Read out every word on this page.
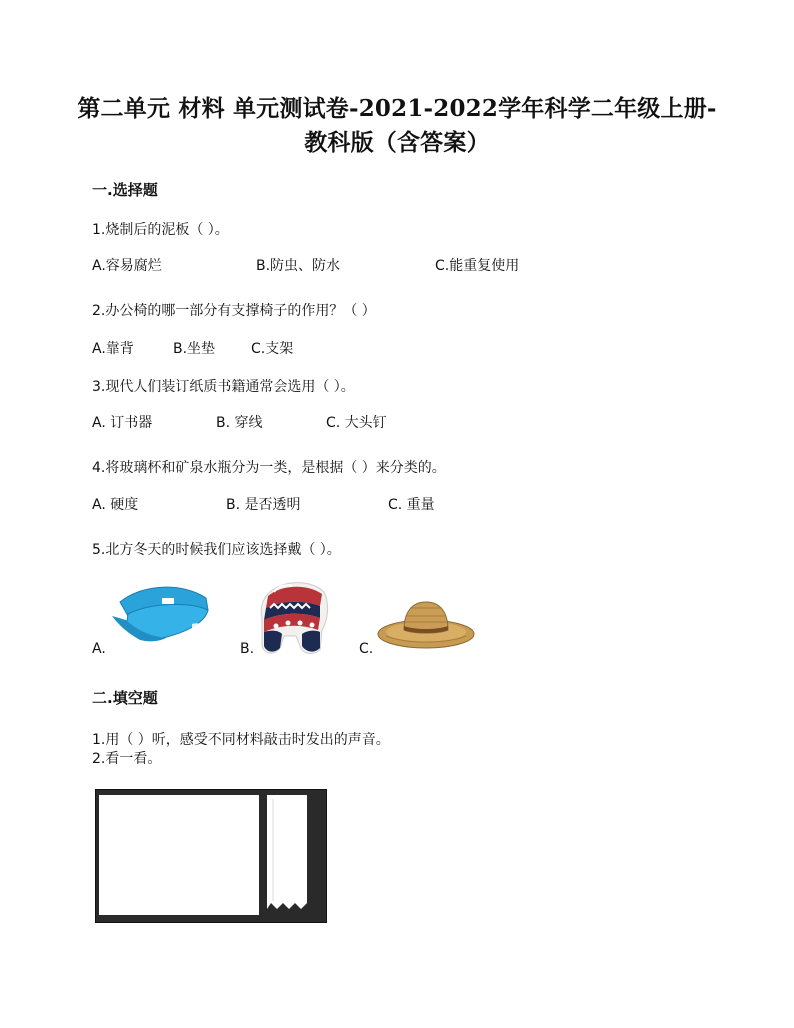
第二单元 材料 单元测试卷-2021-2022学年科学二年级上册-
教科版（含答案）
一.选择题
1.烧制后的泥板（ ）。
A.容易腐烂	B.防虫、防水	C.能重复使用
2.办公椅的哪一部分有支撑椅子的作用？（ ）
A.靠背	B.坐垫	C.支架
3.现代人们装订纸质书籍通常会选用（ ）。
A. 订书器	B. 穿线	C. 大头钉
4.将玻璃杯和矿泉水瓶分为一类，是根据（ ）来分类的。
A. 硬度	B. 是否透明	C. 重量
5.北方冬天的时候我们应该选择戴（ ）。
A.	B.	C.
二.填空题
1.用（ ）听，感受不同材料敲击时发出的声音。
2.看一看。
